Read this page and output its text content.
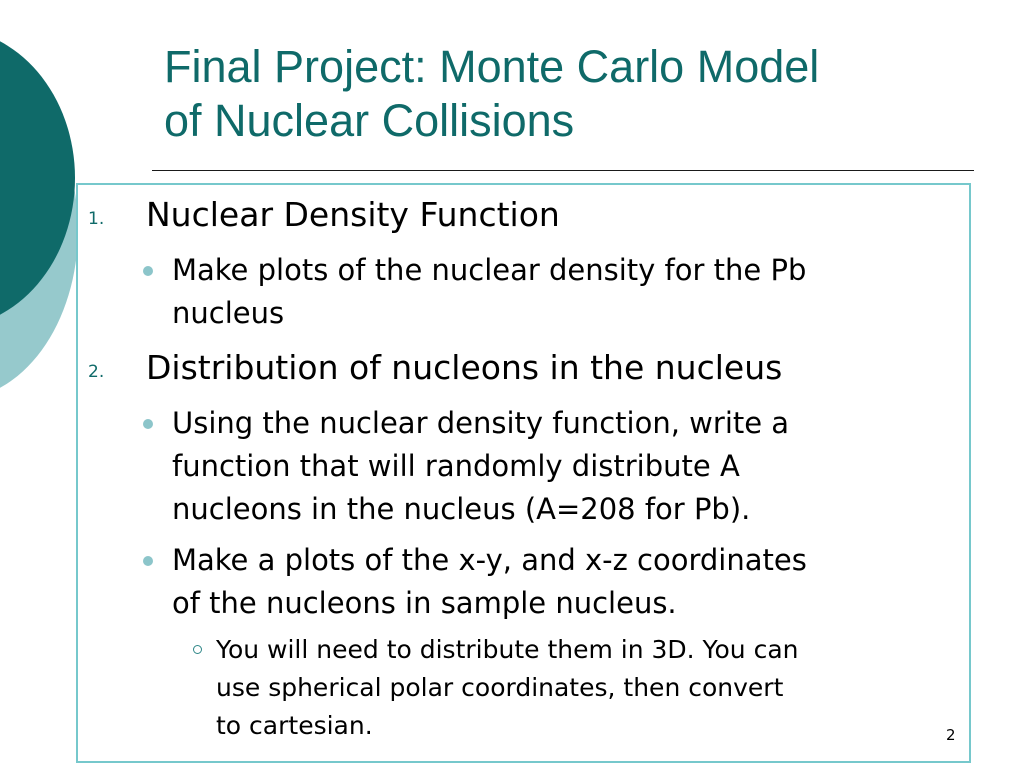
Final Project: Monte Carlo Model
of Nuclear Collisions
1. Nuclear Density Function
Make plots of the nuclear density for the Pb
nucleus
2. Distribution of nucleons in the nucleus
Using the nuclear density function, write a
function that will randomly distribute A
nucleons in the nucleus (A=208 for Pb).
Make a plots of the x-y, and x-z coordinates
of the nucleons in sample nucleus.
You will need to distribute them in 3D. You can
use spherical polar coordinates, then convert
to cartesian.	2
